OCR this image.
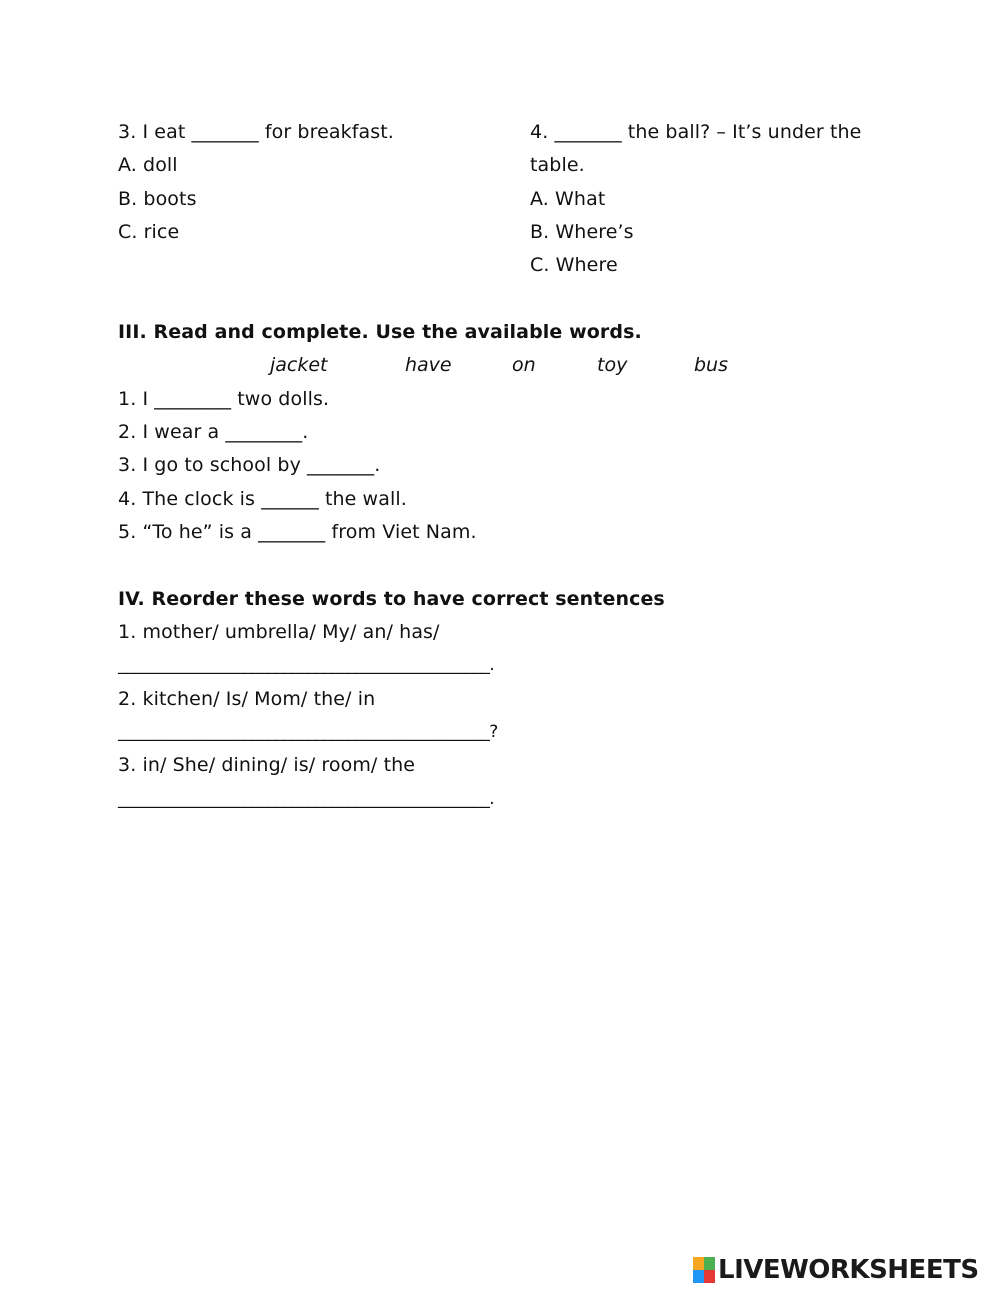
3. I eat _______ for breakfast.
A. doll
B. boots
C. rice
4. _______ the ball? – It’s under the
table.
A. What
B. Where’s
C. Where
III. Read and complete. Use the available words.
jacket	have	on	toy	bus
1. I ________ two dolls.
2. I wear a ________.
3. I go to school by _______.
4. The clock is ______ the wall.
5. “To he” is a _______ from Viet Nam.
IV. Reorder these words to have correct sentences
1. mother/ umbrella/ My/ an/ has/
_______________________________________________.
2. kitchen/ Is/ Mom/ the/ in
_______________________________________________?
3. in/ She/ dining/ is/ room/ the
_______________________________________________.
LIVEWORKSHEETS
